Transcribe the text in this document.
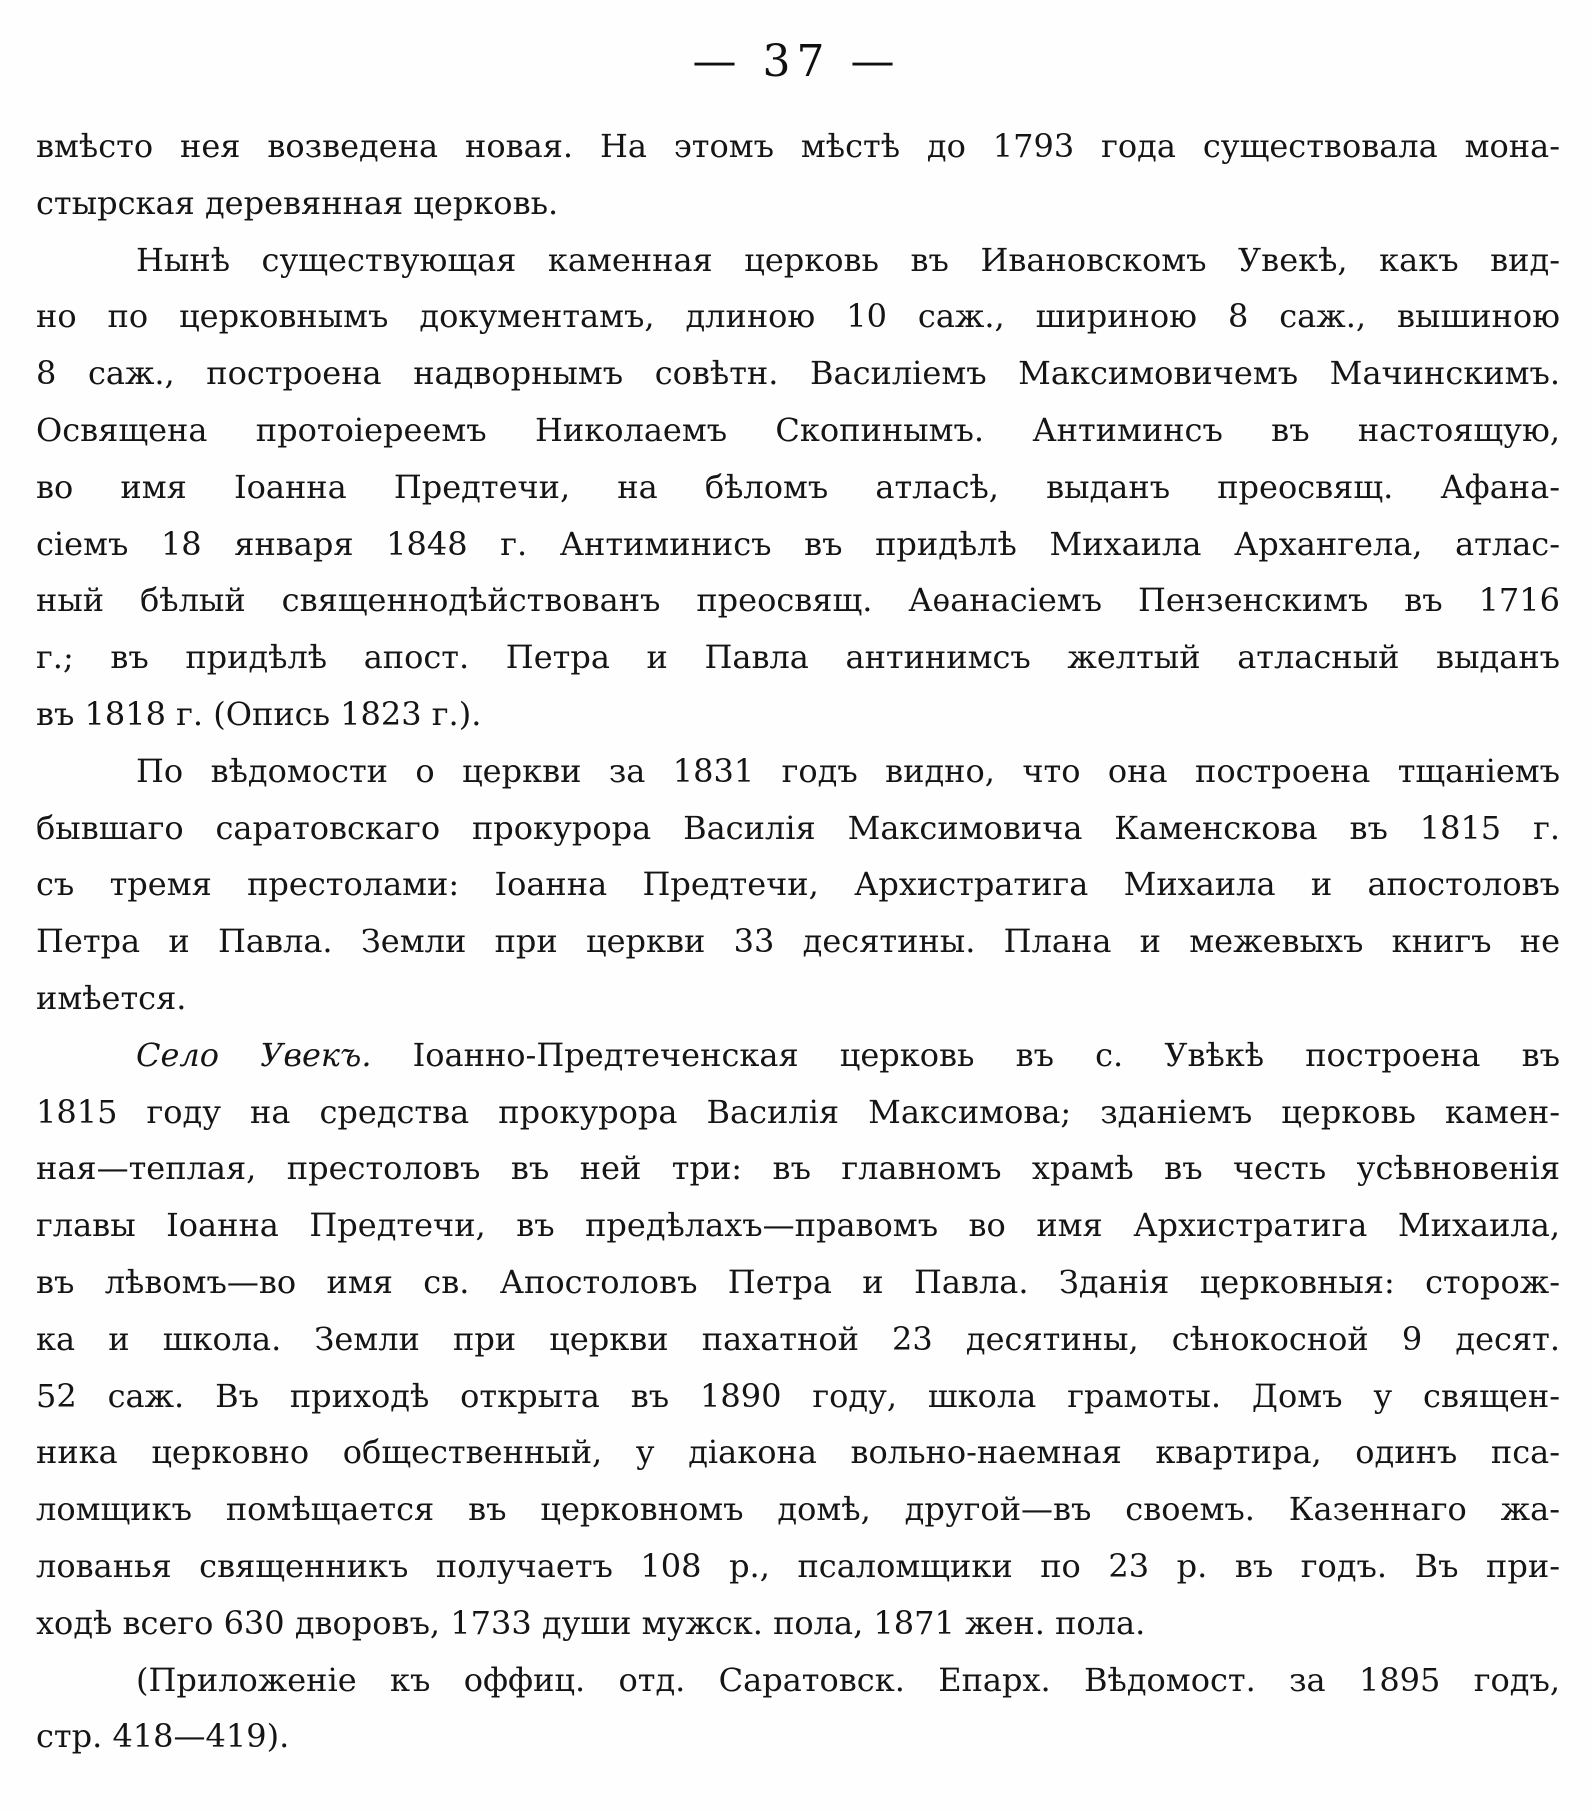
— 37 —
вмѣсто нея возведена новая. На этомъ мѣстѣ до 1793 года существовала мона-
стырская деревянная церковь.
Нынѣ существующая каменная церковь въ Ивановскомъ Увекѣ, какъ вид-
но по церковнымъ документамъ, длиною 10 саж., шириною 8 саж., вышиною
8 саж., построена надворнымъ совѣтн. Василіемъ Максимовичемъ Мачинскимъ.
Освящена протоіереемъ Николаемъ Скопинымъ. Антиминсъ въ настоящую,
во имя Іоанна Предтечи, на бѣломъ атласѣ, выданъ преосвящ. Афана-
сіемъ 18 января 1848 г. Антиминисъ въ придѣлѣ Михаила Архангела, атлас-
ный бѣлый священнодѣйствованъ преосвящ. Аѳанасіемъ Пензенскимъ въ 1716
г.; въ придѣлѣ апост. Петра и Павла антинимсъ желтый атласный выданъ
въ 1818 г. (Опись 1823 г.).
По вѣдомости о церкви за 1831 годъ видно, что она построена тщаніемъ
бывшаго саратовскаго прокурора Василія Максимовича Каменскова въ 1815 г.
съ тремя престолами: Іоанна Предтечи, Архистратига Михаила и апостоловъ
Петра и Павла. Земли при церкви 33 десятины. Плана и межевыхъ книгъ не
имѣется.
Село Увекъ. Іоанно-Предтеченская церковь въ с. Увѣкѣ построена въ
1815 году на средства прокурора Василія Максимова; зданіемъ церковь камен-
ная—теплая, престоловъ въ ней три: въ главномъ храмѣ въ честь усѣвновенія
главы Іоанна Предтечи, въ предѣлахъ—правомъ во имя Архистратига Михаила,
въ лѣвомъ—во имя св. Апостоловъ Петра и Павла. Зданія церковныя: сторож-
ка и школа. Земли при церкви пахатной 23 десятины, сѣнокосной 9 десят.
52 саж. Въ приходѣ открыта въ 1890 году, школа грамоты. Домъ у священ-
ника церковно общественный, у діакона вольно-наемная квартира, одинъ пса-
ломщикъ помѣщается въ церковномъ домѣ, другой—въ своемъ. Казеннаго жа-
лованья священникъ получаетъ 108 р., псаломщики по 23 р. въ годъ. Въ при-
ходѣ всего 630 дворовъ, 1733 души мужск. пола, 1871 жен. пола.
(Приложеніе къ оффиц. отд. Саратовск. Епарх. Вѣдомост. за 1895 годъ,
стр. 418—419).
